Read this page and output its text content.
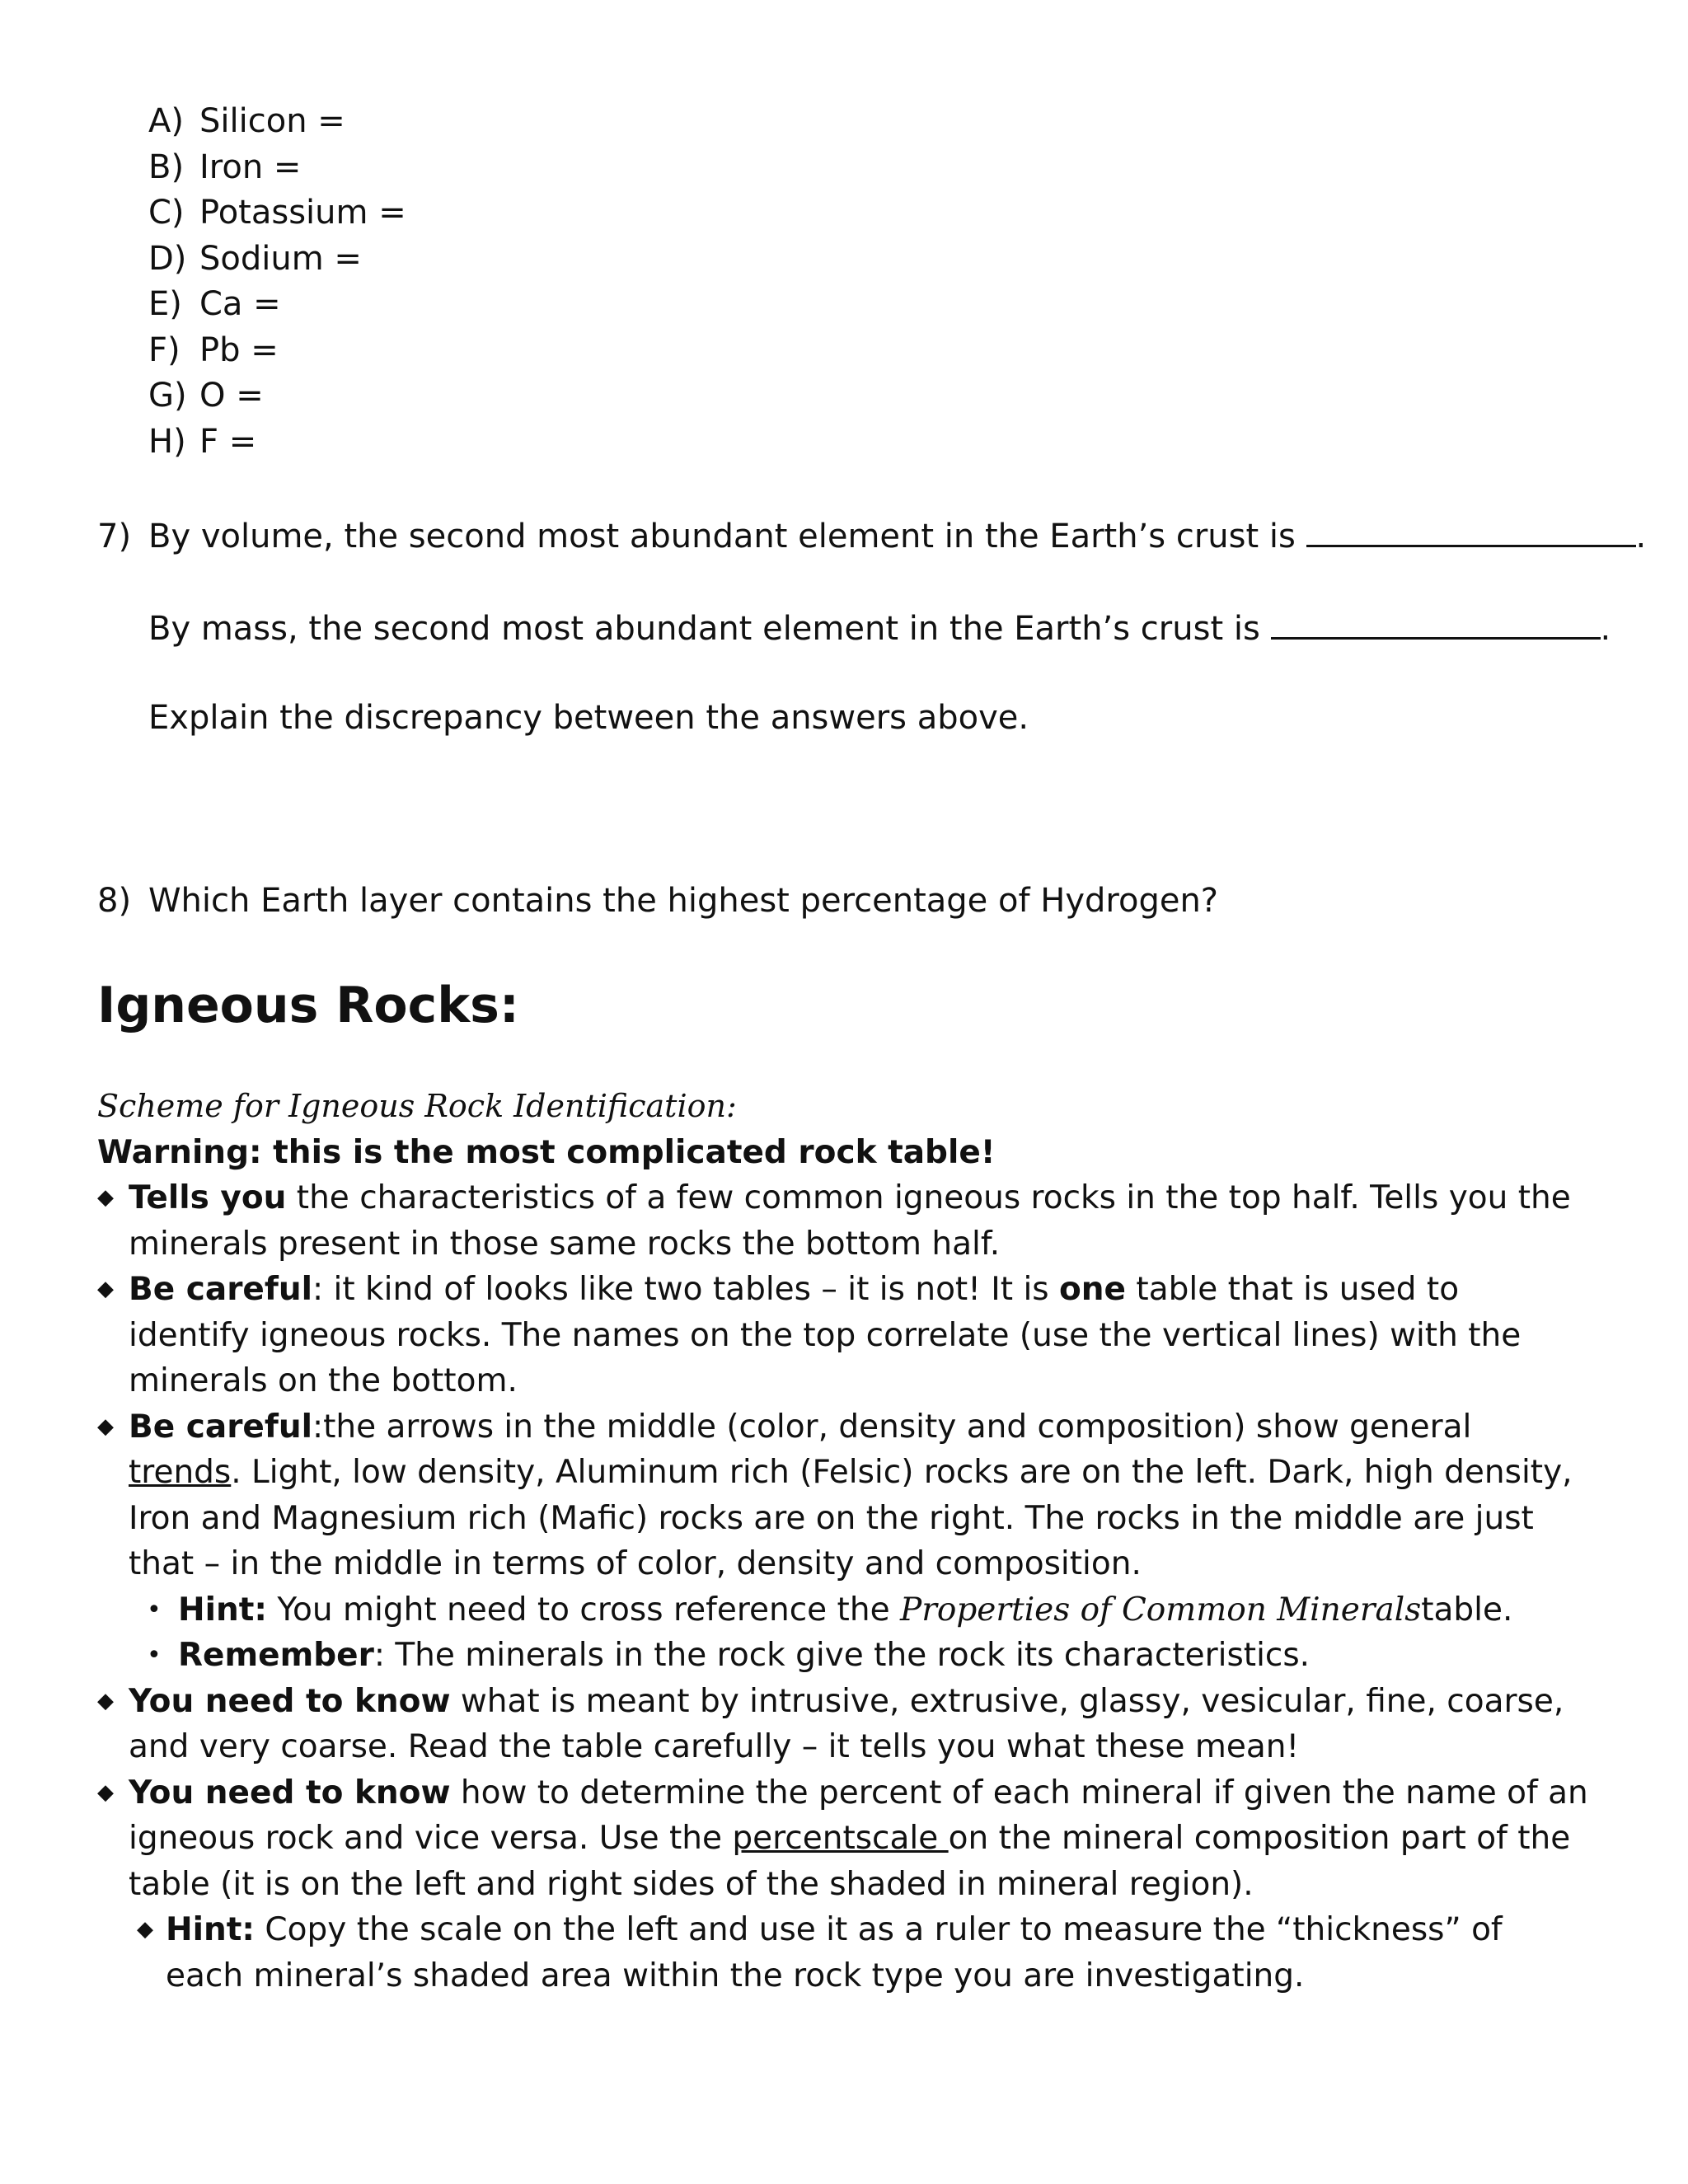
A) Silicon =
B) Iron =
C) Potassium =
D) Sodium =
E) Ca =
F) Pb =
G) O =
H) F =
7) By volume, the second most abundant element in the Earth’s crust is	.
By mass, the second most abundant element in the Earth’s crust is	.
Explain the discrepancy between the answers above.
8) Which Earth layer contains the highest percentage of Hydrogen?
Igneous Rocks:
Scheme for Igneous Rock Identification:
Warning: this is the most complicated rock table!
◆ Tells you the characteristics of a few common igneous rocks in the top half. Tells you the minerals present in those same rocks the bottom half.
◆ Be careful: it kind of looks like two tables – it is not! It is one table that is used to identify igneous rocks. The names on the top correlate (use the vertical lines) with the minerals on the bottom.
◆ Be careful:the arrows in the middle (color, density and composition) show general trends. Light, low density, Aluminum rich (Felsic) rocks are on the left. Dark, high density, Iron and Magnesium rich (Mafic) rocks are on the right. The rocks in the middle are just that – in the middle in terms of color, density and composition.
• Hint: You might need to cross reference the Properties of Common Mineralstable.
• Remember: The minerals in the rock give the rock its characteristics.
◆ You need to know what is meant by intrusive, extrusive, glassy, vesicular, fine, coarse, and very coarse. Read the table carefully – it tells you what these mean!
◆ You need to know how to determine the percent of each mineral if given the name of an igneous rock and vice versa. Use the percentscale on the mineral composition part of the table (it is on the left and right sides of the shaded in mineral region).
◆ Hint: Copy the scale on the left and use it as a ruler to measure the “thickness” of each mineral’s shaded area within the rock type you are investigating.
